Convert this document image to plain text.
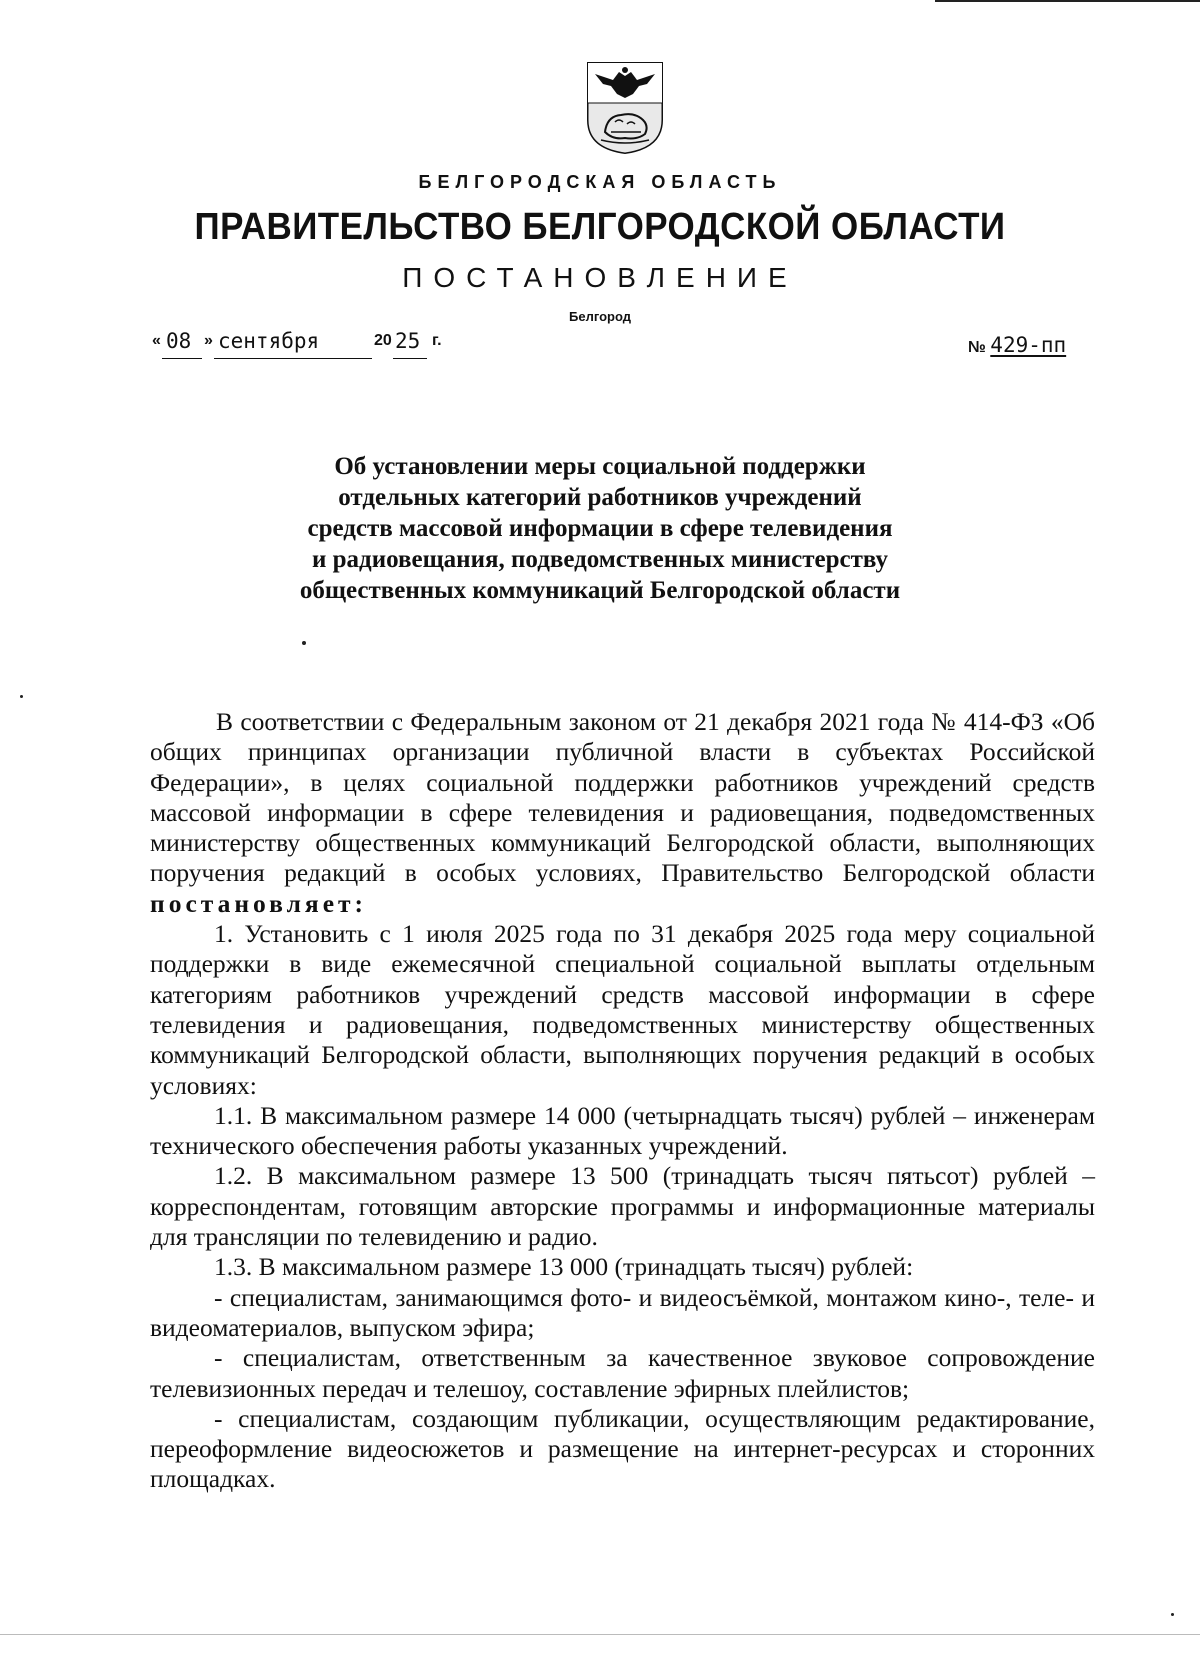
БЕЛГОРОДСКАЯ ОБЛАСТЬ
ПРАВИТЕЛЬСТВО БЕЛГОРОДСКОЙ ОБЛАСТИ
ПОСТАНОВЛЕНИЕ
Белгород
« 08 » сентября	20 25 г.	№ 429-пп
Об установлении меры социальной поддержки
отдельных категорий работников учреждений
средств массовой информации в сфере телевидения
и радиовещания, подведомственных министерству
общественных коммуникаций Белгородской области

В соответствии с Федеральным законом от 21 декабря 2021 года № 414-ФЗ «Об общих принципах организации публичной власти в субъектах Российской Федерации», в целях социальной поддержки работников учреждений средств массовой информации в сфере телевидения и радиовещания, подведомственных министерству общественных коммуникаций Белгородской области, выполняющих поручения редакций в особых условиях, Правительство Белгородской области постановляет:

1. Установить с 1 июля 2025 года по 31 декабря 2025 года меру социальной поддержки в виде ежемесячной специальной социальной выплаты отдельным категориям работников учреждений средств массовой информации в сфере телевидения и радиовещания, подведомственных министерству общественных коммуникаций Белгородской области, выполняющих поручения редакций в особых условиях:

1.1. В максимальном размере 14 000 (четырнадцать тысяч) рублей – инженерам технического обеспечения работы указанных учреждений.

1.2. В максимальном размере 13 500 (тринадцать тысяч пятьсот) рублей – корреспондентам, готовящим авторские программы и информационные материалы для трансляции по телевидению и радио.

1.3. В максимальном размере 13 000 (тринадцать тысяч) рублей:

- специалистам, занимающимся фото- и видеосъёмкой, монтажом кино-, теле- и видеоматериалов, выпуском эфира;

- специалистам, ответственным за качественное звуковое сопровождение телевизионных передач и телешоу, составление эфирных плейлистов;

- специалистам, создающим публикации, осуществляющим редактирование, переоформление видеосюжетов и размещение на интернет-ресурсах и сторонних площадках.
